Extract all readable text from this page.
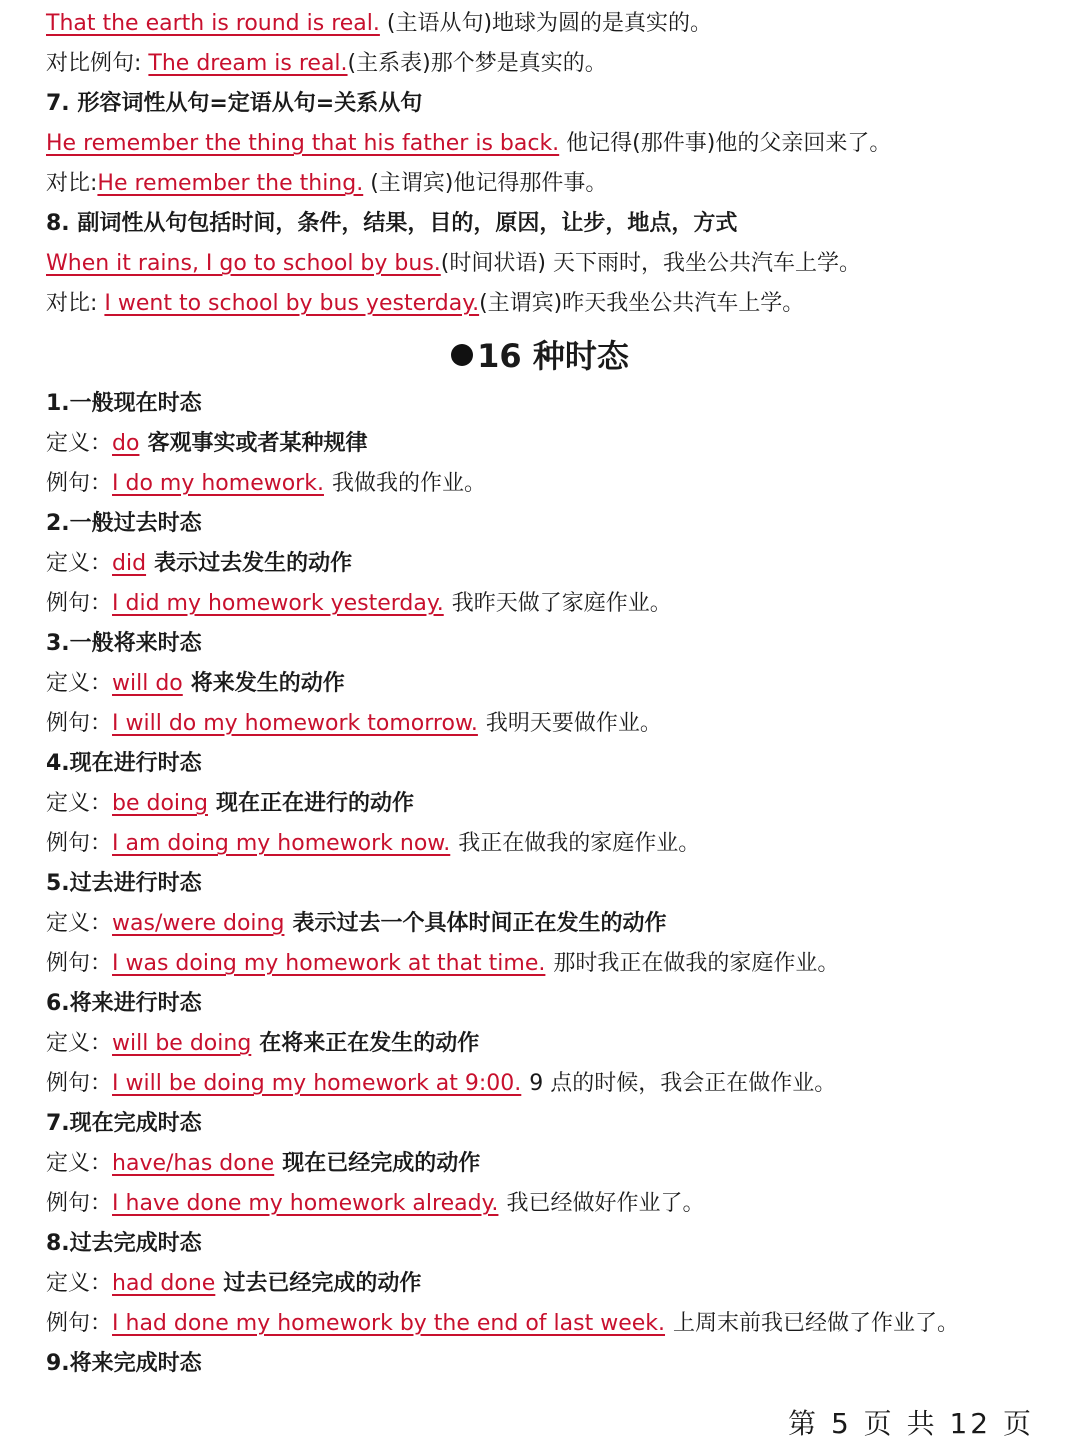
That the earth is round is real. (主语从句)地球为圆的是真实的。
对比例句: The dream is real.(主系表)那个梦是真实的。
7. 形容词性从句=定语从句=关系从句
He remember the thing that his father is back. 他记得(那件事)他的父亲回来了。
对比:He remember the thing. (主谓宾)他记得那件事。
8. 副词性从句包括时间，条件，结果，目的，原因，让步，地点，方式
When it rains, I go to school by bus.(时间状语) 天下雨时，我坐公共汽车上学。
对比: I went to school by bus yesterday.(主谓宾)昨天我坐公共汽车上学。
16 种时态
1.一般现在时态
定义：do 客观事实或者某种规律
例句：I do my homework. 我做我的作业。
2.一般过去时态
定义：did 表示过去发生的动作
例句：I did my homework yesterday. 我昨天做了家庭作业。
3.一般将来时态
定义：will do 将来发生的动作
例句：I will do my homework tomorrow. 我明天要做作业。
4.现在进行时态
定义：be doing 现在正在进行的动作
例句：I am doing my homework now. 我正在做我的家庭作业。
5.过去进行时态
定义：was/were doing 表示过去一个具体时间正在发生的动作
例句：I was doing my homework at that time. 那时我正在做我的家庭作业。
6.将来进行时态
定义：will be doing 在将来正在发生的动作
例句：I will be doing my homework at 9:00. 9 点的时候，我会正在做作业。
7.现在完成时态
定义：have/has done 现在已经完成的动作
例句：I have done my homework already. 我已经做好作业了。
8.过去完成时态
定义：had done 过去已经完成的动作
例句：I had done my homework by the end of last week. 上周末前我已经做了作业了。
9.将来完成时态
第 5 页 共 12 页
